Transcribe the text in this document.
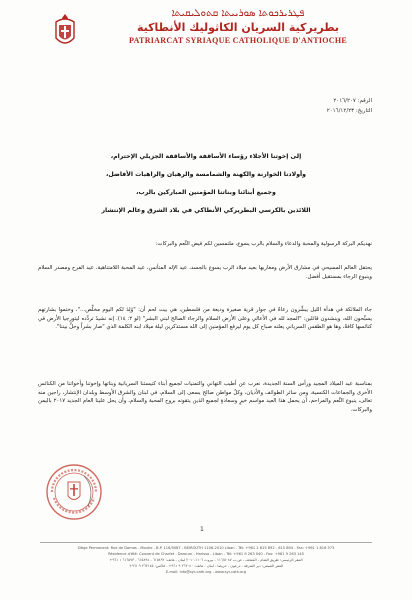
ܦܛܪܝܪܟܘܬܐ ܣܘܪܝܝܬܐ ܩܬܘܠܝܩܝܬܐ
بطريركية السريان الكاثوليك الأنطاكية
PATRIARCAT SYRIAQUE CATHOLIQUE D'ANTIOCHE
الرقم: ٢٠١٦/٢٠٧
التاريخ: ٢٠١٦/١٢/٢٣
إلى إخوتنا الأجلاء رؤساء الأساقفة والأساقفة الجزيلي الإحترام،
وأولادنا الخوارنة والكهنة والشمامسة والرهبان والراهبات الأفاضل،
وجميع أبنائنا وبناتنا المؤمنين المباركين بالرب،
اللائذين بالكرسي البطريركي الأنطاكي في بلاد الشرق وعالم الإنتشار
نهديكم البركة الرسولية والمحبة والدعاء والسلام بالرب يسوع، ملتمسين لكم فيض النِّعم والبركات:
يحتفل العالم المسيحي في مشارق الأرض ومغاربها بعيد ميلاد الرب يسوع بالجسد، عيد الإله المتأنس، عيد المحبة اللامتناهية، عيد الفرح ومصدر السلام وينبوع الرجاء بمستقبل أفضل.
جاء الملائكة في هدأة الليل يبشِّرون رعاةً في جوار قرية صغيرة وديعة من فلسطين، هي بيت لحم أن: "وُلِدَ لكم اليوم مخلِّص..."، وختموا بشارتهم يسبِّحون الله، وينشدون قائلين: "المجد لله في الأعالي وعلى الأرض السلام والرجاء الصالح لبني البشر" (لو ٢: ١٤). إنه نشيدٌ تردِّده ليتورجيا الأرض في كنائسها كافةً، وها هو الطقس السرياني يعلنه صباح كل يوم ليرفع المؤمنين إلى الله مستذكرين ليلة ميلاد ابنه الكلمة الذي "صار بشراً وحلَّ بيننا".
بمناسبة عيد الميلاد المجيد ورأس السنة الجديدة، نعرب عن أطيب التهاني والتمنيات لجميع أبناء كنيستنا السريانية وبناتها وإخوتنا وأخواتنا من الكنائس الأخرى والجماعات الكنسية، ومن سائر الطوائف والأديان، وكلّ مواطن صالح يسعى إلى السلام، في لبنان والشرق الأوسط وبلدان الإنتشار، راجين منه تعالى، ينبوع النِّعم والمراحم، أن يحمل هذا العيد مواسم خيرٍ وسعادةٍ لجميع الذين يتقونه بروح المحبة والسلام، وأن يحل علينا العام الجديد ٢٠١٧ باليمن والبركات.
1
Siège Permanent: Rue de Damas - Mouhe - B.P. 116/5087 - BEIROUTH 1106-2010 Liban - Tél: +961 1 615 892 - 615 894 - Fax: +961 1 616 573
Résidence d'été: Couvent de Charfet - Darourn - Harissa - Liban - Tél: +961 9 263 040 - Fax: +961 9 263 145
المقر الرئيسي: طريق الشام - المتحف - ص.ب ١١٦/٥٠٨٧ - بيروت ١١٠٦-٢٠١٠ لبنان - هاتف: ٦١٥٨٩٢ - ٦١٥٨٩٤ - ٦١٦٥٧٣ ١ ٩٦١+
المقر الصيفي: دير الشرفة - درعون - حريصا - لبنان - هاتف: ٢٦٣٠٤٠ ٩ ٩٦١+ - فاكس: ٢٦٣١٤٥ ٩ ٩٦١+
E-mail: info@syr-cath.org - www.syr-cath.org
